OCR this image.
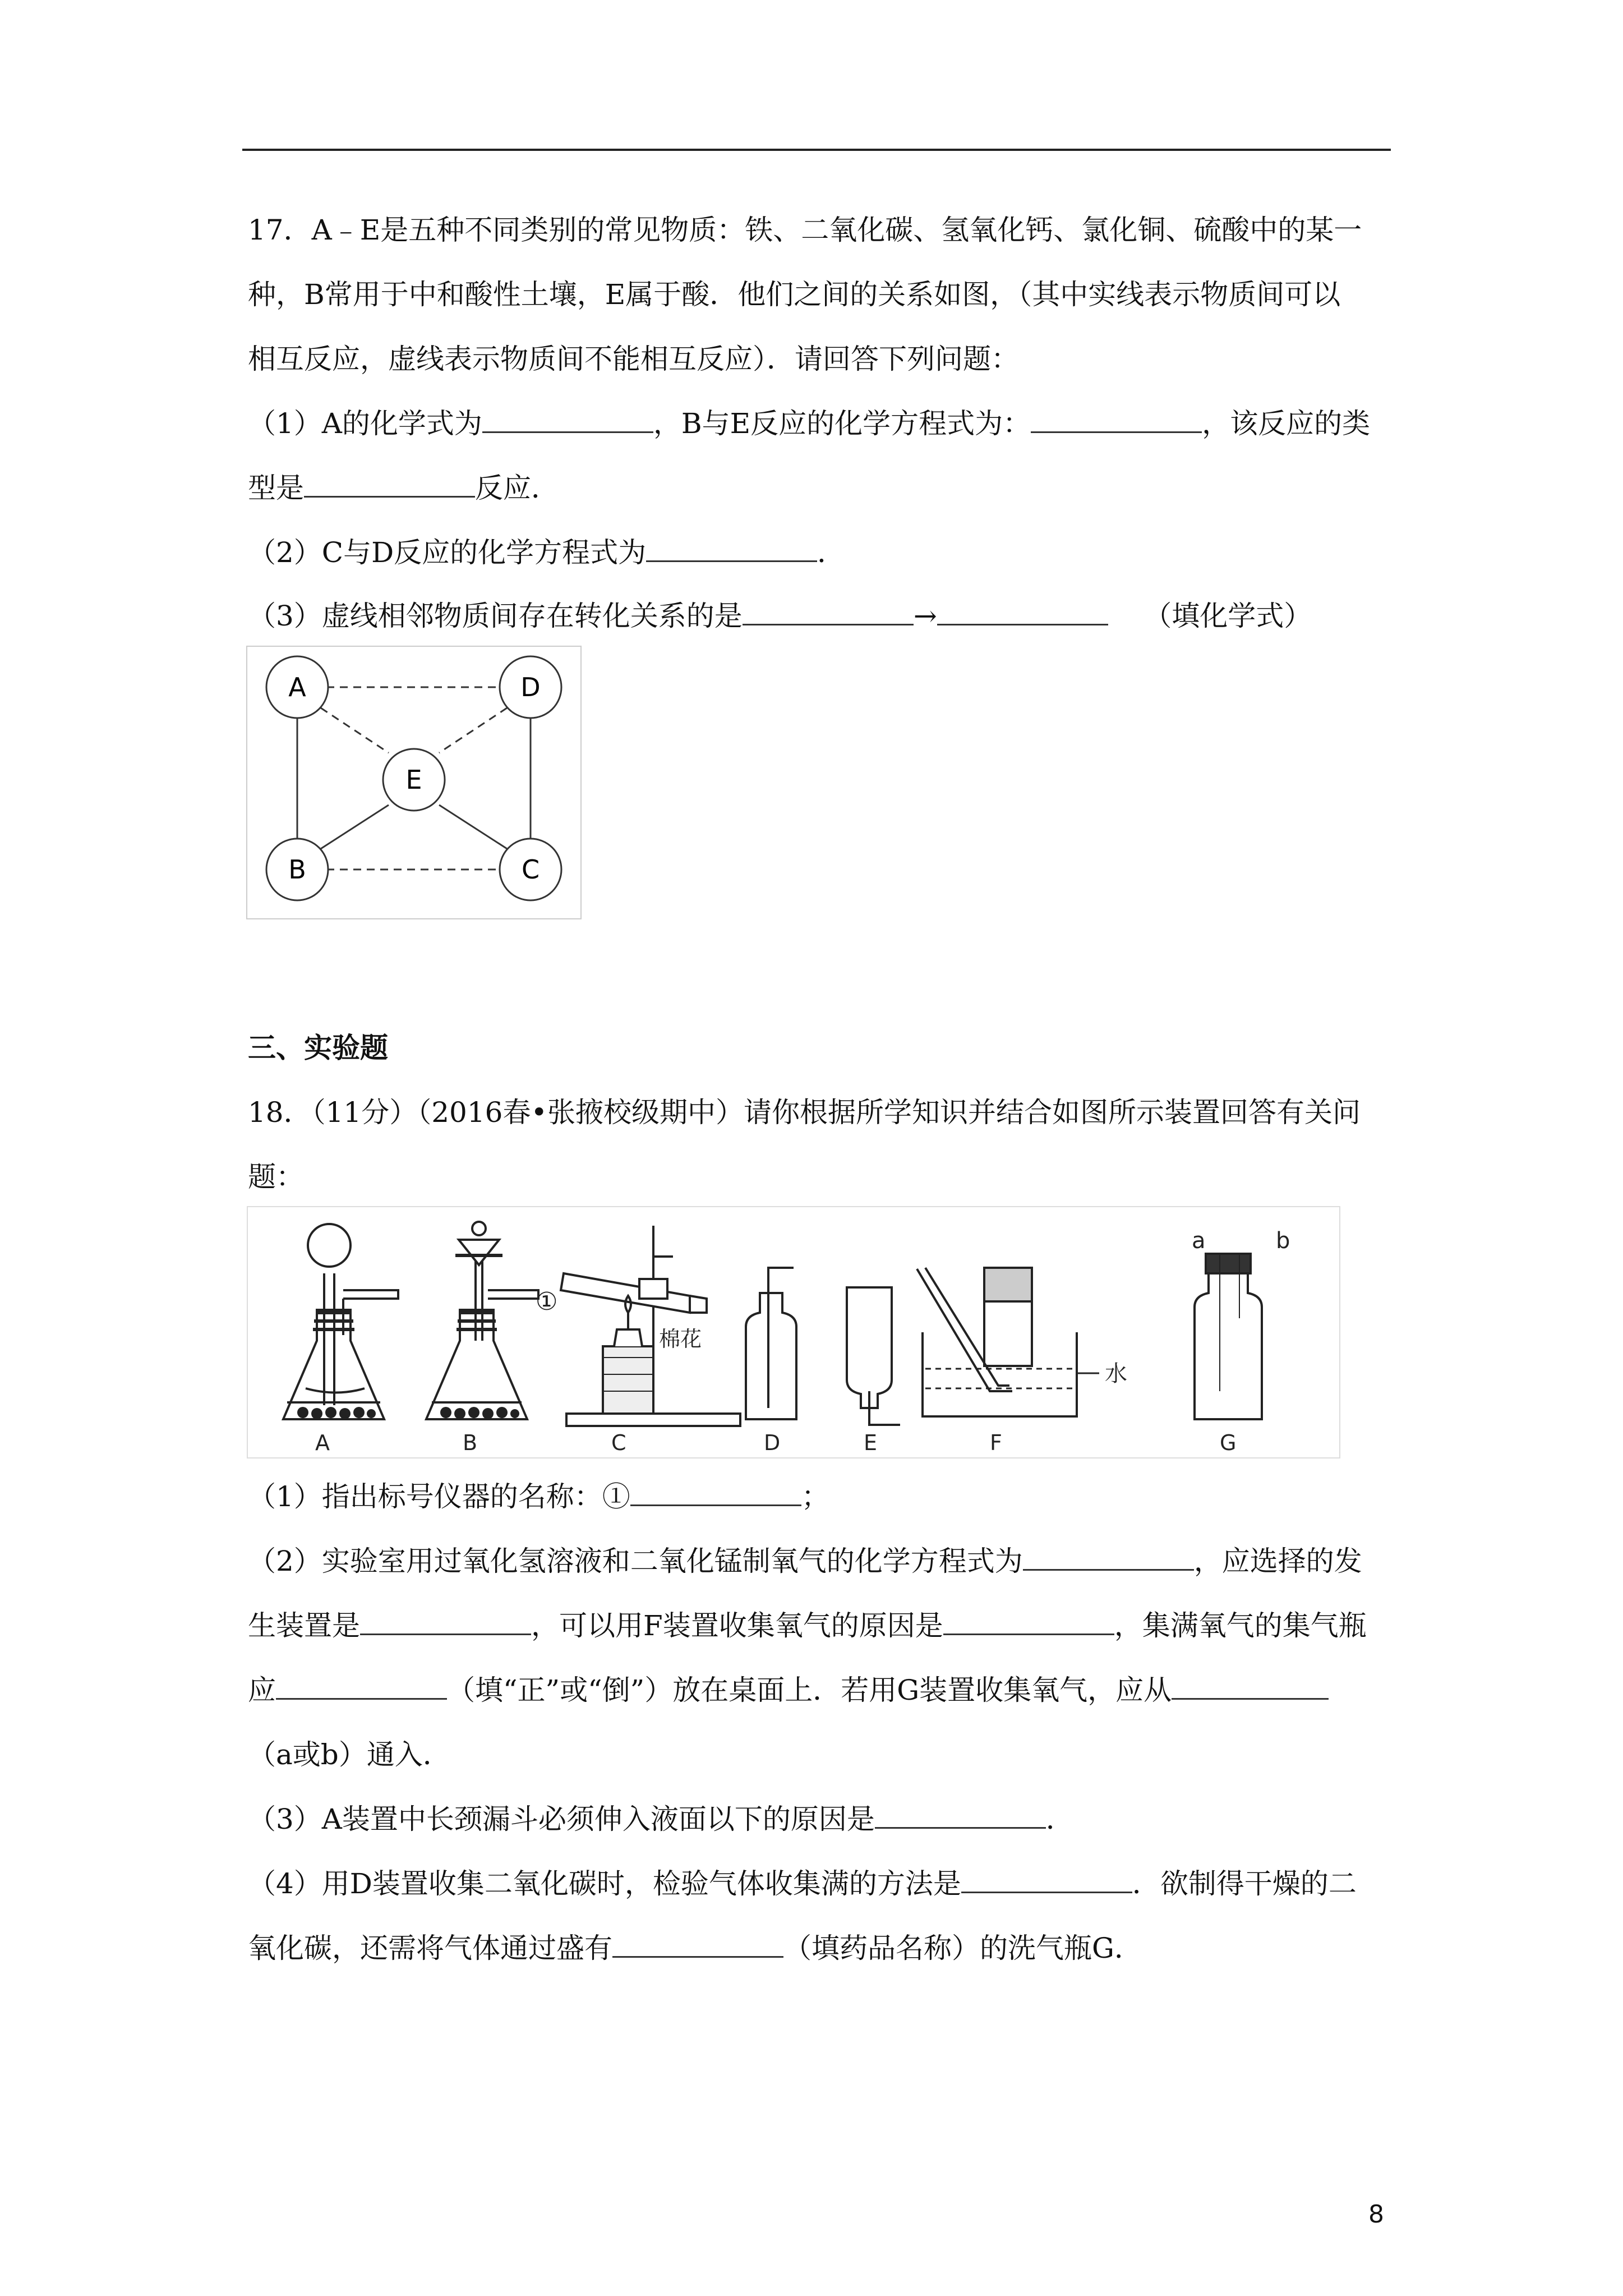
17．A﹣E是五种不同类别的常见物质：铁、二氧化碳、氢氧化钙、氯化铜、硫酸中的某一
种，B常用于中和酸性土壤，E属于酸．他们之间的关系如图，（其中实线表示物质间可以
相互反应，虚线表示物质间不能相互反应）．请回答下列问题：
（1）A的化学式为	，B与E反应的化学方程式为：	，该反应的类
型是	反应．
（2）C与D反应的化学方程式为	．
（3）虚线相邻物质间存在转化关系的是	→	（填化学式）
A	D
E
B	C
三、实验题
18．（11分）（2016春•张掖校级期中）请你根据所学知识并结合如图所示装置回答有关问
题：
A	B	C	D	E	F	G
①
棉花
水
a	b
（1）指出标号仪器的名称：①	；
（2）实验室用过氧化氢溶液和二氧化锰制氧气的化学方程式为	，应选择的发
生装置是	，可以用F装置收集氧气的原因是	，集满氧气的集气瓶
应	（填“正”或“倒”）放在桌面上．若用G装置收集氧气，应从
（a或b）通入．
（3）A装置中长颈漏斗必须伸入液面以下的原因是	．
（4）用D装置收集二氧化碳时，检验气体收集满的方法是	．欲制得干燥的二
氧化碳，还需将气体通过盛有	（填药品名称）的洗气瓶G．
8
